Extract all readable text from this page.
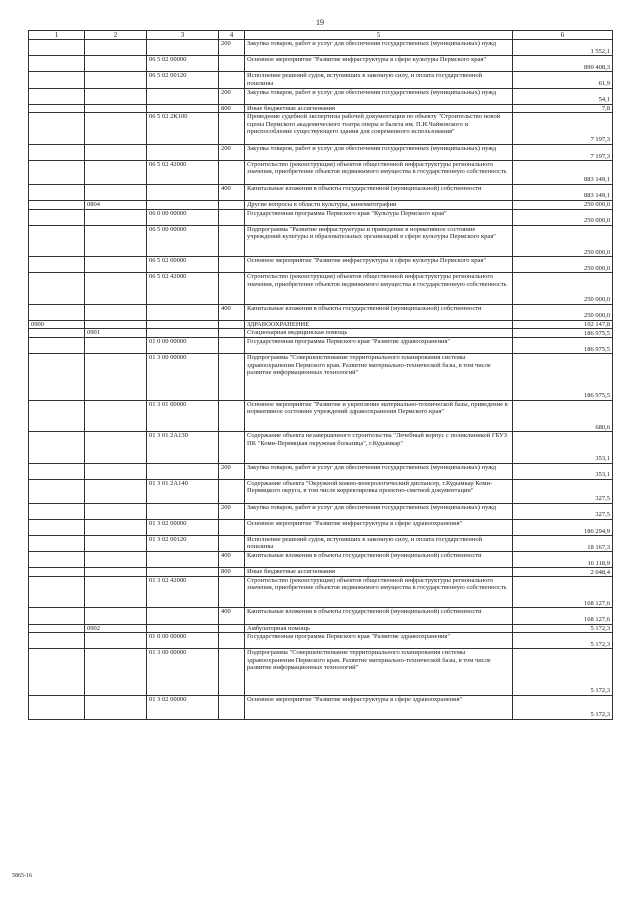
19
1	2	3	4	5	6
			200	Закупка товаров, работ и услуг для обеспечения государственных (муниципальных) нужд	1 552,1
		06 5 02 00000		Основное мероприятие "Развитие инфраструктуры в сфере культуры Пермского края"	890 408,3
		06 5 02 00120		Исполнение решений судов, вступивших в законную силу, и оплата государственной пошлины	61,9
			200	Закупка товаров, работ и услуг для обеспечения государственных (муниципальных) нужд	54,1
			800	Иные бюджетные ассигнования	7,8
		06 5 02 2К100		Проведение судебной экспертизы рабочей документации по объекту "Строительство новой сцены Пермского академического театра оперы и балета им. П.И.Чайковского и приспособление существующего здания для современного использования"	7 197,3
			200	Закупка товаров, работ и услуг для обеспечения государственных (муниципальных) нужд	7 197,3
		06 5 02 42000		Строительство (реконструкция) объектов общественной инфраструктуры регионального значения, приобретение объектов недвижимого имущества в государственную собственность	883 149,1
			400	Капитальные вложения в объекты государственной (муниципальной) собственности	883 149,1
	0804			Другие вопросы в области культуры, кинематографии	250 000,0
		06 0 00 00000		Государственная программа Пермского края "Культура Пермского края"	250 000,0
		06 5 00 00000		Подпрограмма "Развитие инфраструктуры и приведение в нормативное состояние учреждений культуры и образовательных организаций в сфере культуры Пермского края"	250 000,0
		06 5 02 00000		Основное мероприятие "Развитие инфраструктуры в сфере культуры Пермского края"	250 000,0
		06 5 02 42000		Строительство (реконструкция) объектов общественной инфраструктуры регионального значения, приобретение объектов недвижимого имущества в государственную собственность	250 000,0
			400	Капитальные вложения в объекты государственной (муниципальной) собственности	250 000,0
0900				ЗДРАВООХРАНЕНИЕ	192 147,8
	0901			Стационарная медицинская помощь	186 975,5
		01 0 00 00000		Государственная программа Пермского края "Развитие здравоохранения"	186 975,5
		01 3 00 00000		Подпрограмма "Совершенствование территориального планирования системы здравоохранения Пермского края. Развитие материально-технической базы, в том числе развитие информационных технологий"	186 975,5
		01 3 01 00000		Основное мероприятие "Развитие и укрепление материально-технической базы, приведение в нормативное состояние учреждений здравоохранения Пермского края"	680,6
		01 3 01 2А130		Содержание объекта незавершенного строительства "Лечебный корпус с поликлиникой ГБУЗ ПК "Коми-Пермяцкая окружная больница", г.Кудымкар"	353,1
			200	Закупка товаров, работ и услуг для обеспечения государственных (муниципальных) нужд	353,1
		01 3 01 2А140		Содержание объекта "Окружной кожно-венерологический диспансер, г.Кудымкар Коми-Пермяцкого округа, в том числе корректировка проектно-сметной документации"	327,5
			200	Закупка товаров, работ и услуг для обеспечения государственных (муниципальных) нужд	327,5
		01 3 02 00000		Основное мероприятие "Развитие инфраструктуры в сфере здравоохранения"	186 294,9
		01 3 02 00120		Исполнение решений судов, вступивших в законную силу, и оплата государственной пошлины	18 167,3
			400	Капитальные вложения в объекты государственной (муниципальной) собственности	16 118,9
			800	Иные бюджетные ассигнования	2 048,4
		01 3 02 42000		Строительство (реконструкция) объектов общественной инфраструктуры регионального значения, приобретение объектов недвижимого имущества в государственную собственность	168 127,6
			400	Капитальные вложения в объекты государственной (муниципальной) собственности	168 127,6
	0902			Амбулаторная помощь	5 172,3
		01 0 00 00000		Государственная программа Пермского края "Развитие здравоохранения"	5 172,3
		01 3 00 00000		Подпрограмма "Совершенствование территориального планирования системы здравоохранения Пермского края. Развитие материально-технической базы, в том числе развитие информационных технологий"	5 172,3
		01 3 02 00000		Основное мероприятие "Развитие инфраструктуры в сфере здравоохранения"	5 172,3
5865-16
